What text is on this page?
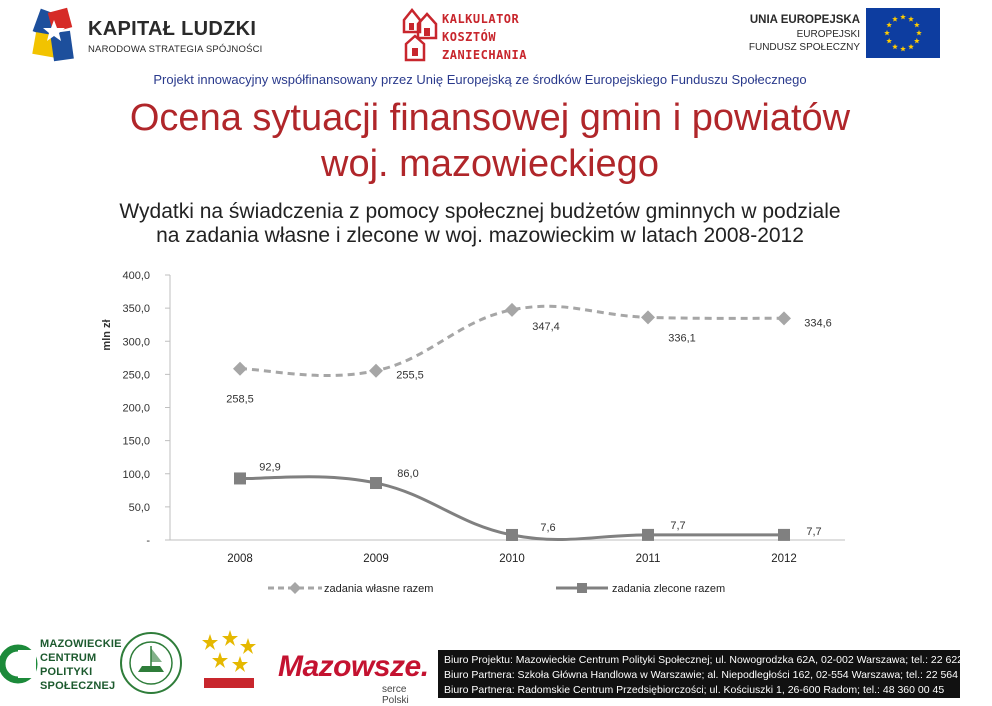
KAPITAŁ LUDZKI
NARODOWA STRATEGIA SPÓJNOŚCI
KALKULATOR
KOSZTÓW
ZANIECHANIA
UNIA EUROPEJSKA
EUROPEJSKI
FUNDUSZ SPOŁECZNY
Projekt innowacyjny współfinansowany przez Unię Europejską ze środków Europejskiego Funduszu Społecznego
Ocena sytuacji finansowej gmin i powiatów
woj. mazowieckiego
Wydatki na świadczenia z pomocy społecznej budżetów gminnych w podziale
na zadania własne i zlecone w woj. mazowieckim w latach 2008-2012
-
50,0
100,0
150,0
200,0
250,0
300,0
350,0
400,0
mln zł
2008	2009	2010	2011	2012
258,5
255,5
347,4
336,1
334,6
92,9
86,0
7,6	7,7	7,7
zadania własne razem	zadania zlecone razem
MAZOWIECKIE
CENTRUM
POLITYKI
SPOŁECZNEJ
Mazowsze.
serce Polski
Biuro Projektu: Mazowieckie Centrum Polityki Społecznej; ul. Nowogrodzka 62A, 02-002 Warszawa; tel.: 22 622 42 32
Biuro Partnera: Szkoła Główna Handlowa w Warszawie; al. Niepodległości 162, 02-554 Warszawa; tel.: 22 564 93 88
Biuro Partnera: Radomskie Centrum Przedsiębiorczości; ul. Kościuszki 1, 26-600 Radom; tel.: 48 360 00 45
